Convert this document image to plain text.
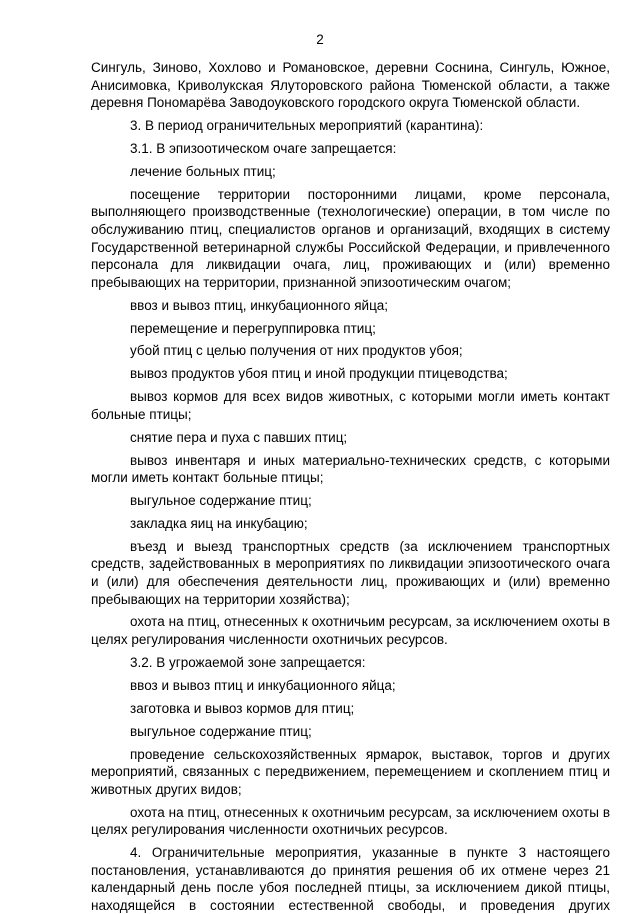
2

Сингуль, Зиново, Хохлово и Романовское, деревни Соснина, Сингуль, Южное, Анисимовка, Криволукская Ялуторовского района Тюменской области, а также деревня Пономарёва Заводоуковского городского округа Тюменской области.

3. В период ограничительных мероприятий (карантина):

3.1. В эпизоотическом очаге запрещается:

лечение больных птиц;

посещение территории посторонними лицами, кроме персонала, выполняющего производственные (технологические) операции, в том числе по обслуживанию птиц, специалистов органов и организаций, входящих в систему Государственной ветеринарной службы Российской Федерации, и привлеченного персонала для ликвидации очага, лиц, проживающих и (или) временно пребывающих на территории, признанной эпизоотическим очагом;

ввоз и вывоз птиц, инкубационного яйца;

перемещение и перегруппировка птиц;

убой птиц с целью получения от них продуктов убоя;

вывоз продуктов убоя птиц и иной продукции птицеводства;

вывоз кормов для всех видов животных, с которыми могли иметь контакт больные птицы;

снятие пера и пуха с павших птиц;

вывоз инвентаря и иных материально-технических средств, с которыми могли иметь контакт больные птицы;

выгульное содержание птиц;

закладка яиц на инкубацию;

въезд и выезд транспортных средств (за исключением транспортных средств, задействованных в мероприятиях по ликвидации эпизоотического очага и (или) для обеспечения деятельности лиц, проживающих и (или) временно пребывающих на территории хозяйства);

охота на птиц, отнесенных к охотничьим ресурсам, за исключением охоты в целях регулирования численности охотничьих ресурсов.

3.2. В угрожаемой зоне запрещается:

ввоз и вывоз птиц и инкубационного яйца;

заготовка и вывоз кормов для птиц;

выгульное содержание птиц;

проведение сельскохозяйственных ярмарок, выставок, торгов и других мероприятий, связанных с передвижением, перемещением и скоплением птиц и животных других видов;

охота на птиц, отнесенных к охотничьим ресурсам, за исключением охоты в целях регулирования численности охотничьих ресурсов.

4. Ограничительные мероприятия, указанные в пункте 3 настоящего постановления, устанавливаются до принятия решения об их отмене через 21 календарный день после убоя последней птицы, за исключением дикой птицы, находящейся в состоянии естественной свободы, и проведения других
